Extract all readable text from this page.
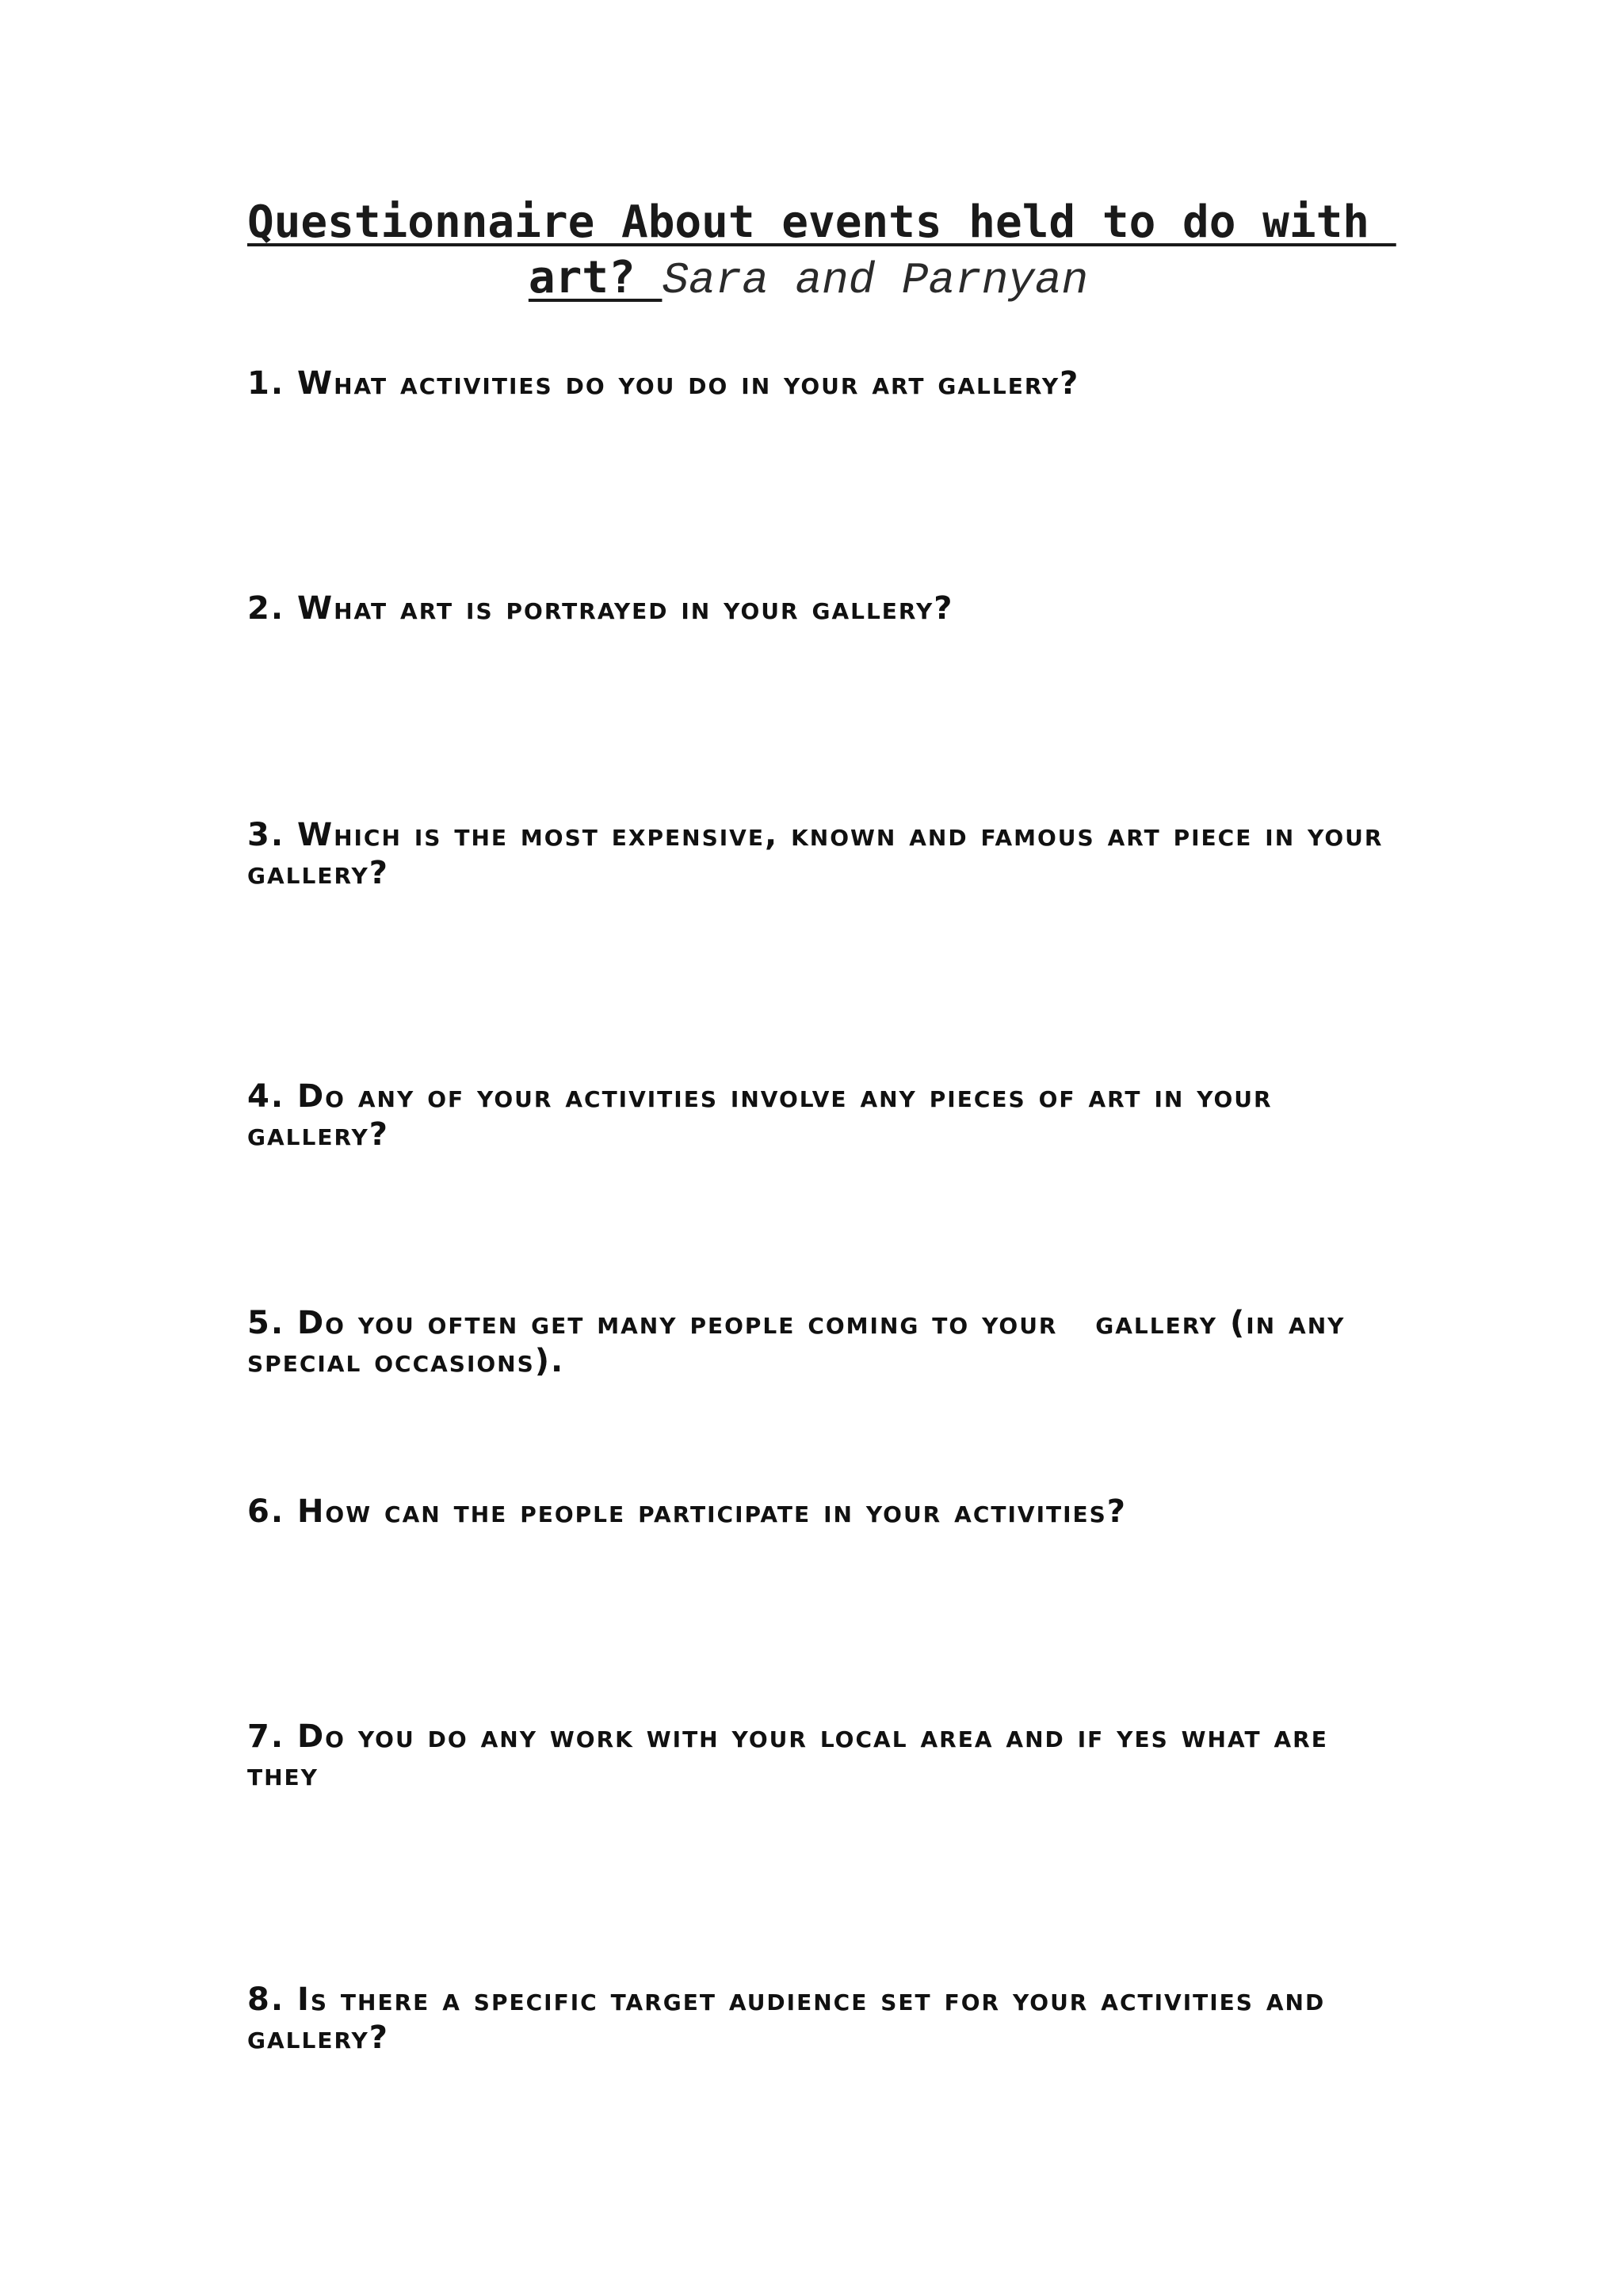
Questionnaire About events held to do with art? Sara and Parnyan
1. What activities do you do in your art gallery?
2. What art is portrayed in your gallery?
3. Which is the most expensive, known and famous art piece in your gallery?
4. Do any of your activities involve any pieces of art in your gallery?
5. Do you often get many people coming to your   gallery (in any special occasions).
6. How can the people participate in your activities?
7. Do you do any work with your local area and if yes what are they
8. Is there a specific target audience set for your activities and gallery?
